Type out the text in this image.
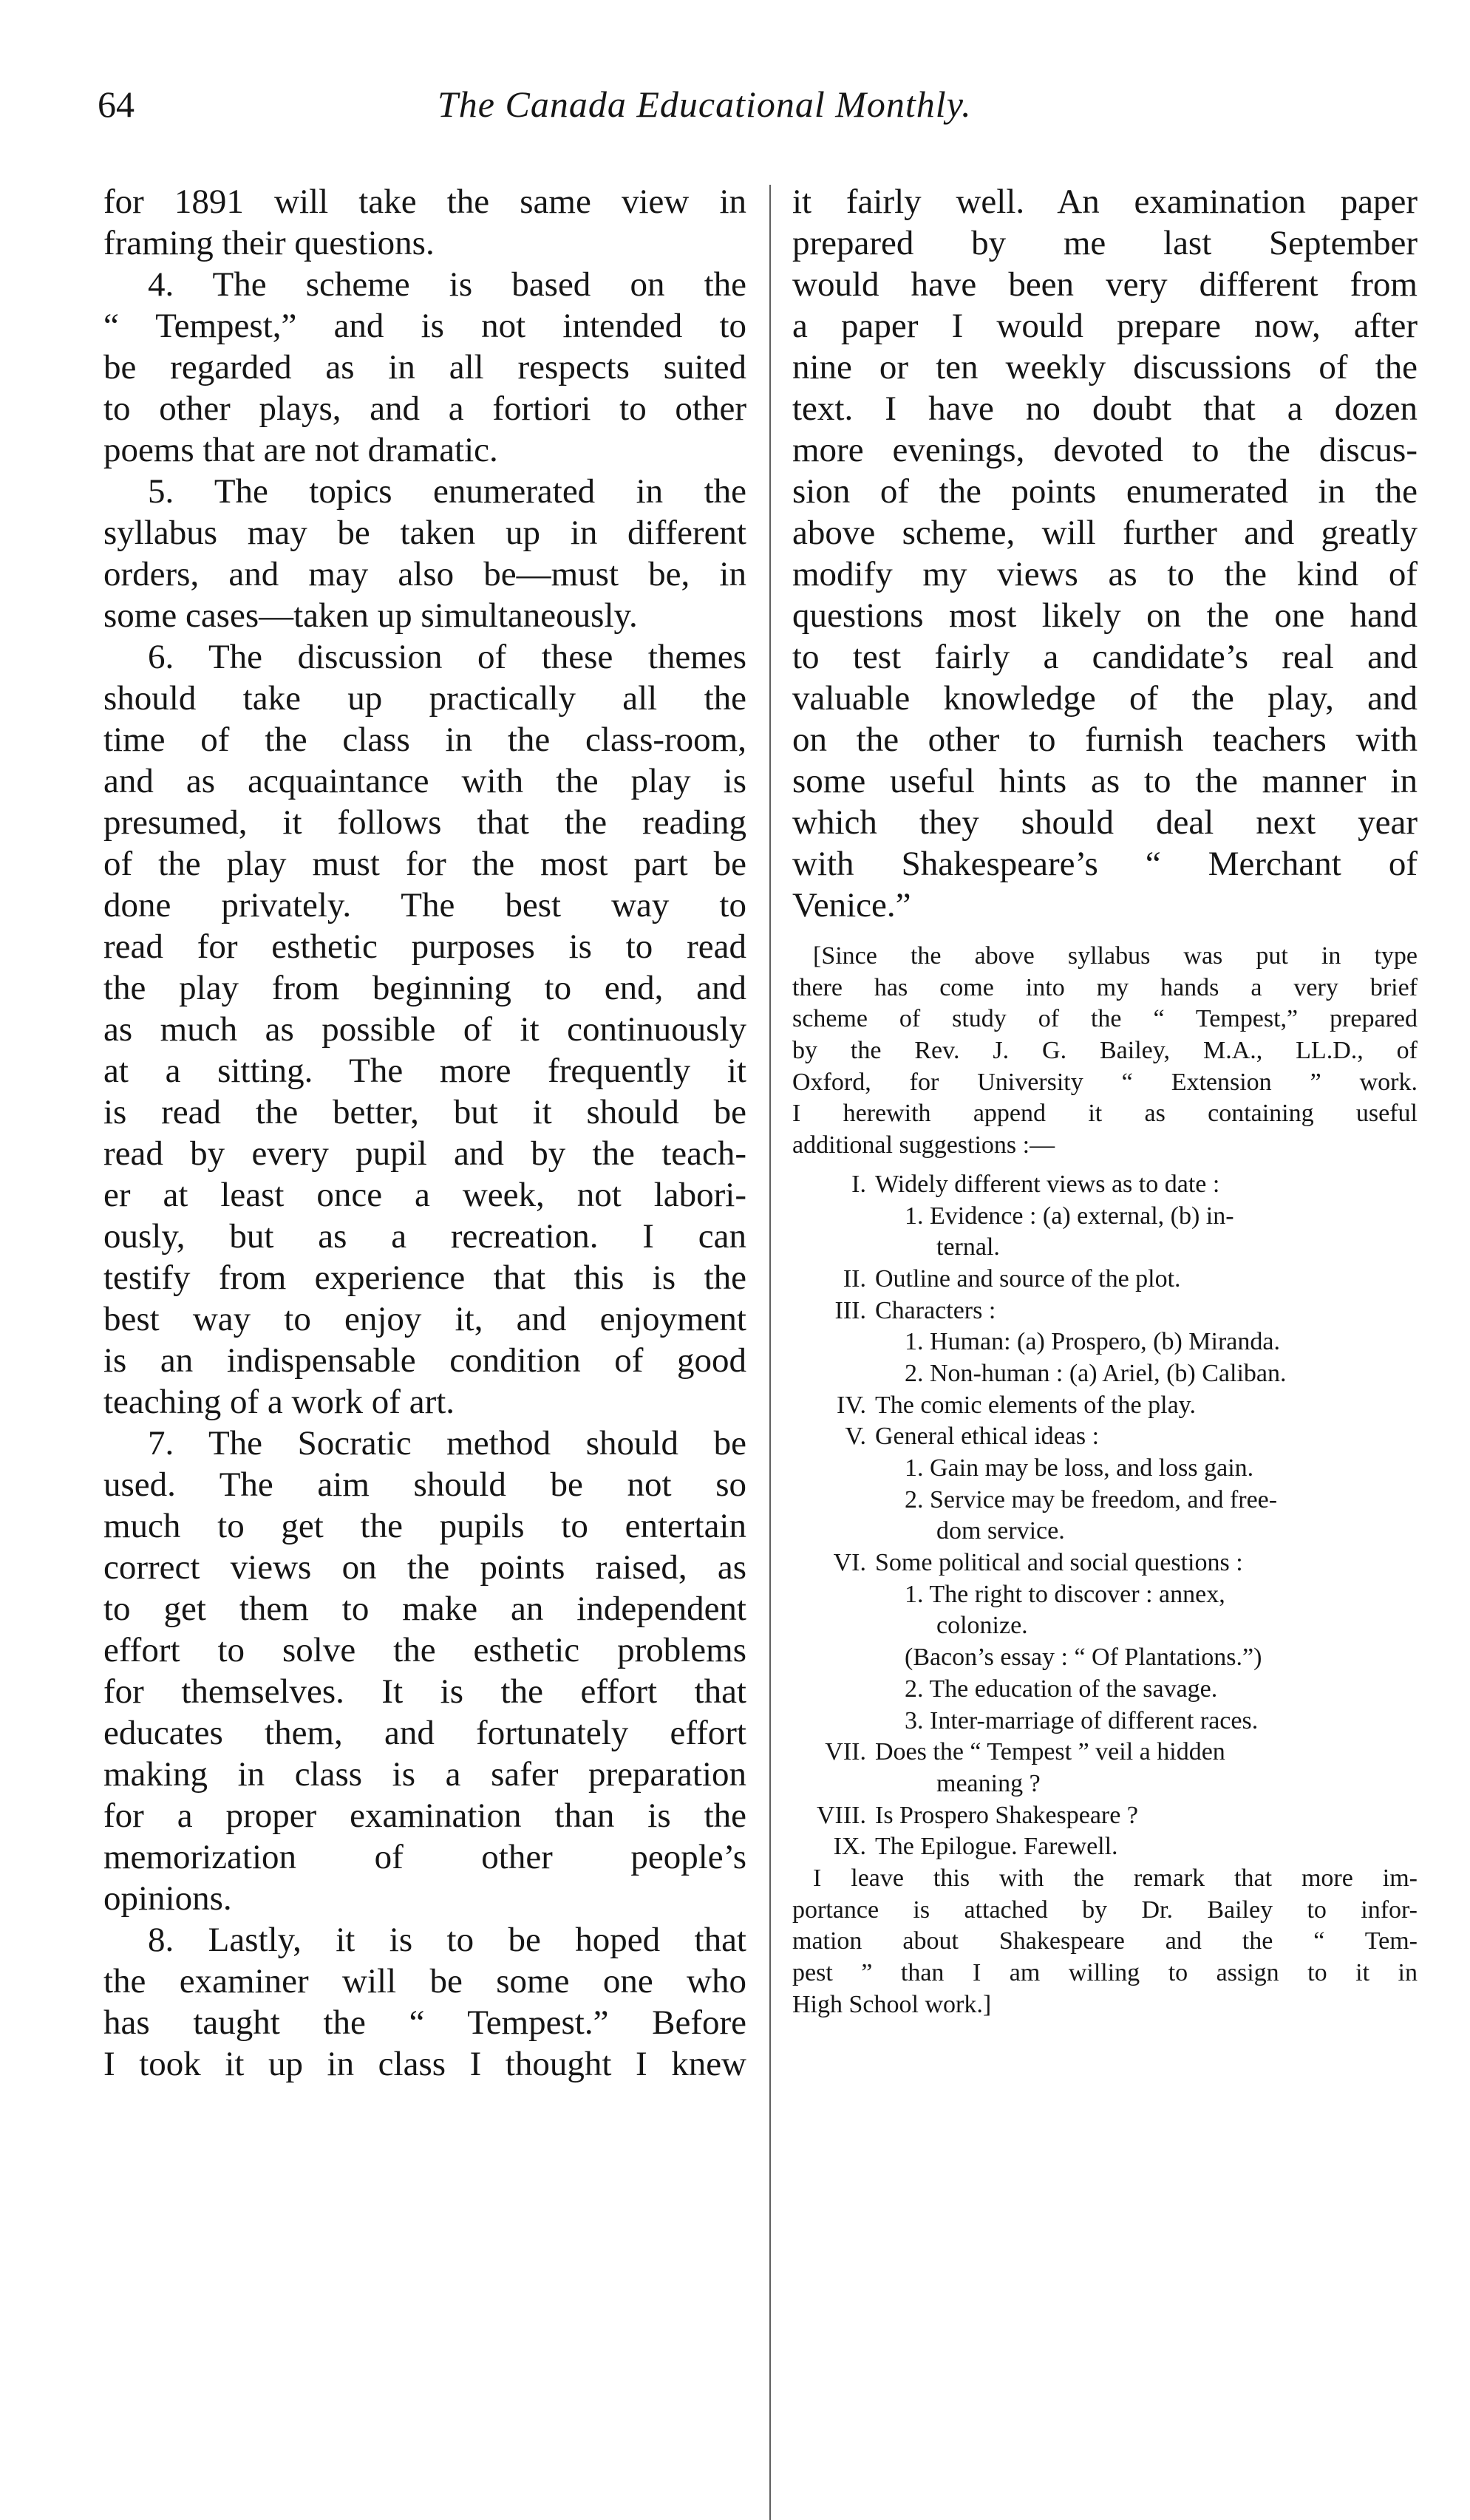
64	The Canada Educational Monthly.
for 1891 will take the same view in
framing their questions.
4. The scheme is based on the
“ Tempest,” and is not intended to
be regarded as in all respects suited
to other plays, and a fortiori to other
poems that are not dramatic.
5. The topics enumerated in the
syllabus may be taken up in different
orders, and may also be—must be, in
some cases—taken up simultaneously.
6. The discussion of these themes
should take up practically all the
time of the class in the class-room,
and as acquaintance with the play is
presumed, it follows that the reading
of the play must for the most part be
done privately. The best way to
read for esthetic purposes is to read
the play from beginning to end, and
as much as possible of it continuously
at a sitting. The more frequently it
is read the better, but it should be
read by every pupil and by the teach-
er at least once a week, not labori-
ously, but as a recreation. I can
testify from experience that this is the
best way to enjoy it, and enjoyment
is an indispensable condition of good
teaching of a work of art.
7. The Socratic method should be
used. The aim should be not so
much to get the pupils to entertain
correct views on the points raised, as
to get them to make an independent
effort to solve the esthetic problems
for themselves. It is the effort that
educates them, and fortunately effort
making in class is a safer preparation
for a proper examination than is the
memorization of other people’s
opinions.
8. Lastly, it is to be hoped that
the examiner will be some one who
has taught the “ Tempest.” Before
I took it up in class I thought I knew
it fairly well. An examination paper
prepared by me last September
would have been very different from
a paper I would prepare now, after
nine or ten weekly discussions of the
text. I have no doubt that a dozen
more evenings, devoted to the discus-
sion of the points enumerated in the
above scheme, will further and greatly
modify my views as to the kind of
questions most likely on the one hand
to test fairly a candidate’s real and
valuable knowledge of the play, and
on the other to furnish teachers with
some useful hints as to the manner in
which they should deal next year
with Shakespeare’s “ Merchant of
Venice.”
[Since the above syllabus was put in type
there has come into my hands a very brief
scheme of study of the “ Tempest,” prepared
by the Rev. J. G. Bailey, M.A., LL.D., of
Oxford, for University “ Extension ” work.
I herewith append it as containing useful
additional suggestions :—
I. Widely different views as to date :
1. Evidence : (a) external, (b) in-
ternal.
II. Outline and source of the plot.
III. Characters :
1. Human: (a) Prospero, (b) Miranda.
2. Non-human : (a) Ariel, (b) Caliban.
IV. The comic elements of the play.
V. General ethical ideas :
1. Gain may be loss, and loss gain.
2. Service may be freedom, and free-
dom service.
VI. Some political and social questions :
1. The right to discover : annex,
colonize.
(Bacon’s essay : “ Of Plantations.”)
2. The education of the savage.
3. Inter-marriage of different races.
VII. Does the “ Tempest ” veil a hidden
meaning ?
VIII. Is Prospero Shakespeare ?
IX. The Epilogue. Farewell.
I leave this with the remark that more im-
portance is attached by Dr. Bailey to infor-
mation about Shakespeare and the “ Tem-
pest ” than I am willing to assign to it in
High School work.]
